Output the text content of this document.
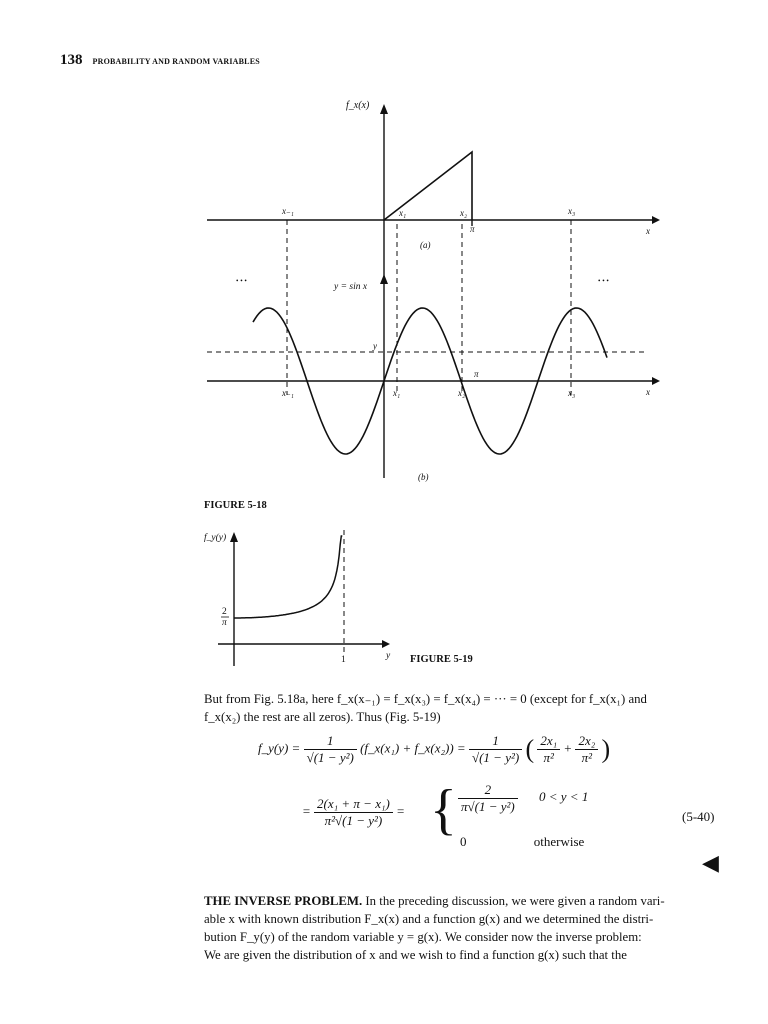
138 PROBABILITY AND RANDOM VARIABLES
f_x(x)
x₋₁	x₁	x₂
π
x₃
x
(a)
y = sin x
• • •	• • •
y
x₋₁	x₁	x₂
π
x₃	x
(b)
FIGURE 5-18
f_y(y)
2
π
1	y FIGURE 5-19
But from Fig. 5.18a, here f_x(x₋₁) = f_x(x₃) = f_x(x₄) = ··· = 0 (except for f_x(x₁) and
f_x(x₂) the rest are all zeros). Thus (Fig. 5-19)
f_y(y) = $\frac{1}{\text{√(1 − y²)}}$ (f_x(x₁) + f_x(x₂)) = $\frac{1}{\text{√(1 − y²)}}$ ( $\frac{\text{2x₁}}{\text{π²}} + \frac{\text{2x₂}}{\text{π²}}$ )
= $\frac{\text{2(x₁ + π − x₁)}}{\text{π²√(1 − y²)}}$ = { $\frac{2}{\text{π√(1 − y²)}} 0 < y < 1$
0	otherwise
(5-40)
◀
THE INVERSE PROBLEM. In the preceding discussion, we were given a random vari-
able x with known distribution F_x(x) and a function g(x) and we determined the distri-
bution F_y(y) of the random variable y = g(x). We consider now the inverse problem:
We are given the distribution of x and we wish to find a function g(x) such that the
